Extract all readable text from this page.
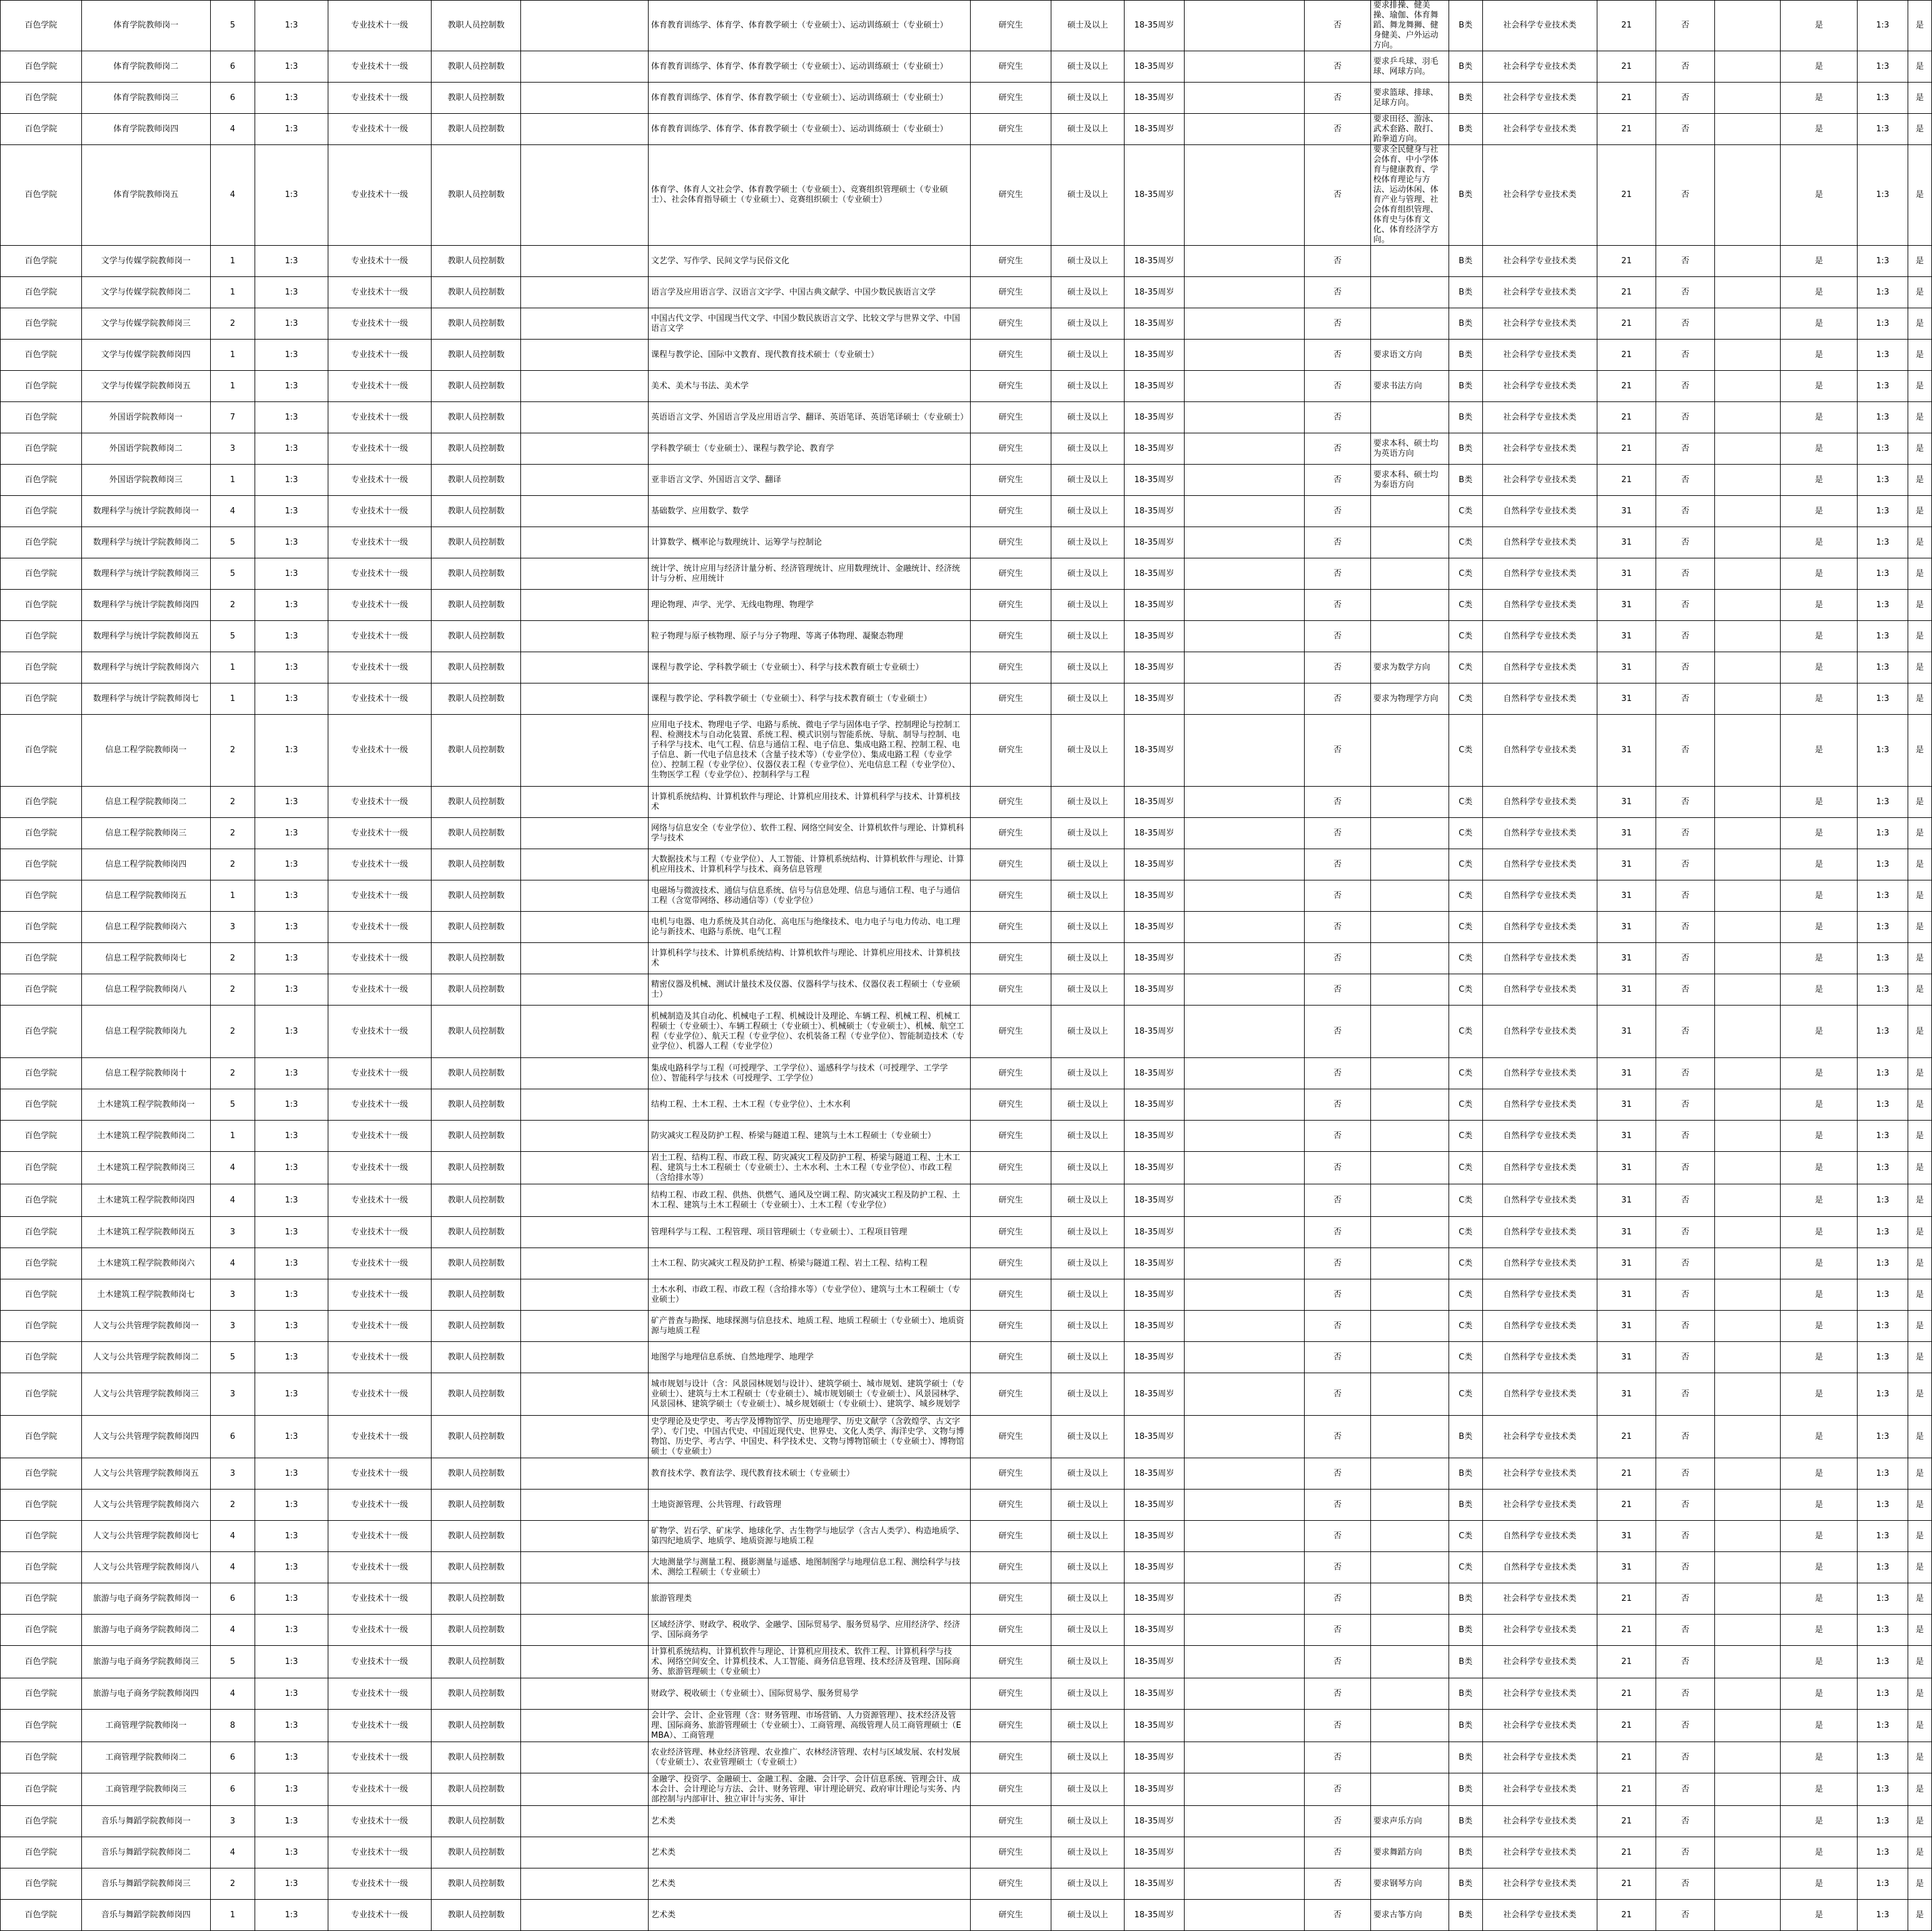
百色学院	体育学院教师岗一	5	1:3	专业技术十一级	教职人员控制数		体育教育训练学、体育学、体育教学硕士（专业硕士）、运动训练硕士（专业硕士）	研究生	硕士及以上	18-35周岁		否	要求排操、健美操、瑜伽、体育舞蹈、舞龙舞狮、健身健美、户外运动方向。	B类	社会科学专业技术类	21	否		是	1:3	是
百色学院	体育学院教师岗二	6	1:3	专业技术十一级	教职人员控制数		体育教育训练学、体育学、体育教学硕士（专业硕士）、运动训练硕士（专业硕士）	研究生	硕士及以上	18-35周岁		否	要求乒乓球、羽毛球、网球方向。	B类	社会科学专业技术类	21	否		是	1:3	是
百色学院	体育学院教师岗三	6	1:3	专业技术十一级	教职人员控制数		体育教育训练学、体育学、体育教学硕士（专业硕士）、运动训练硕士（专业硕士）	研究生	硕士及以上	18-35周岁		否	要求篮球、排球、足球方向。	B类	社会科学专业技术类	21	否		是	1:3	是
百色学院	体育学院教师岗四	4	1:3	专业技术十一级	教职人员控制数		体育教育训练学、体育学、体育教学硕士（专业硕士）、运动训练硕士（专业硕士）	研究生	硕士及以上	18-35周岁		否	要求田径、游泳、武术套路、散打、跆拳道方向。	B类	社会科学专业技术类	21	否		是	1:3	是
百色学院	体育学院教师岗五	4	1:3	专业技术十一级	教职人员控制数		体育学、体育人文社会学、体育教学硕士（专业硕士）、竞赛组织管理硕士（专业硕士）、社会体育指导硕士（专业硕士）、竞赛组织硕士（专业硕士）	研究生	硕士及以上	18-35周岁		否	要求全民健身与社会体育、中小学体育与健康教育、学校体育理论与方法、运动休闲、体育产业与管理、社会体育组织管理、体育史与体育文化、体育经济学方向。	B类	社会科学专业技术类	21	否		是	1:3	是
百色学院	文学与传媒学院教师岗一	1	1:3	专业技术十一级	教职人员控制数		文艺学、写作学、民间文学与民俗文化	研究生	硕士及以上	18-35周岁		否		B类	社会科学专业技术类	21	否		是	1:3	是
百色学院	文学与传媒学院教师岗二	1	1:3	专业技术十一级	教职人员控制数		语言学及应用语言学、汉语言文字学、中国古典文献学、中国少数民族语言文学	研究生	硕士及以上	18-35周岁		否		B类	社会科学专业技术类	21	否		是	1:3	是
百色学院	文学与传媒学院教师岗三	2	1:3	专业技术十一级	教职人员控制数		中国古代文学、中国现当代文学、中国少数民族语言文学、比较文学与世界文学、中国语言文学	研究生	硕士及以上	18-35周岁		否		B类	社会科学专业技术类	21	否		是	1:3	是
百色学院	文学与传媒学院教师岗四	1	1:3	专业技术十一级	教职人员控制数		课程与教学论、国际中文教育、现代教育技术硕士（专业硕士）	研究生	硕士及以上	18-35周岁		否	要求语文方向	B类	社会科学专业技术类	21	否		是	1:3	是
百色学院	文学与传媒学院教师岗五	1	1:3	专业技术十一级	教职人员控制数		美术、美术与书法、美术学	研究生	硕士及以上	18-35周岁		否	要求书法方向	B类	社会科学专业技术类	21	否		是	1:3	是
百色学院	外国语学院教师岗一	7	1:3	专业技术十一级	教职人员控制数		英语语言文学、外国语言学及应用语言学、翻译、英语笔译、英语笔译硕士（专业硕士）	研究生	硕士及以上	18-35周岁		否		B类	社会科学专业技术类	21	否		是	1:3	是
百色学院	外国语学院教师岗二	3	1:3	专业技术十一级	教职人员控制数		学科教学硕士（专业硕士）、课程与教学论、教育学	研究生	硕士及以上	18-35周岁		否	要求本科、硕士均为英语方向	B类	社会科学专业技术类	21	否		是	1:3	是
百色学院	外国语学院教师岗三	1	1:3	专业技术十一级	教职人员控制数		亚非语言文学、外国语言文学、翻译	研究生	硕士及以上	18-35周岁		否	要求本科、硕士均为泰语方向	B类	社会科学专业技术类	21	否		是	1:3	是
百色学院	数理科学与统计学院教师岗一	4	1:3	专业技术十一级	教职人员控制数		基础数学、应用数学、数学	研究生	硕士及以上	18-35周岁		否		C类	自然科学专业技术类	31	否		是	1:3	是
百色学院	数理科学与统计学院教师岗二	5	1:3	专业技术十一级	教职人员控制数		计算数学、概率论与数理统计、运筹学与控制论	研究生	硕士及以上	18-35周岁		否		C类	自然科学专业技术类	31	否		是	1:3	是
百色学院	数理科学与统计学院教师岗三	5	1:3	专业技术十一级	教职人员控制数		统计学、统计应用与经济计量分析、经济管理统计、应用数理统计、金融统计、经济统计与分析、应用统计	研究生	硕士及以上	18-35周岁		否		C类	自然科学专业技术类	31	否		是	1:3	是
百色学院	数理科学与统计学院教师岗四	2	1:3	专业技术十一级	教职人员控制数		理论物理、声学、光学、无线电物理、物理学	研究生	硕士及以上	18-35周岁		否		C类	自然科学专业技术类	31	否		是	1:3	是
百色学院	数理科学与统计学院教师岗五	5	1:3	专业技术十一级	教职人员控制数		粒子物理与原子核物理、原子与分子物理、等离子体物理、凝聚态物理	研究生	硕士及以上	18-35周岁		否		C类	自然科学专业技术类	31	否		是	1:3	是
百色学院	数理科学与统计学院教师岗六	1	1:3	专业技术十一级	教职人员控制数		课程与教学论、学科教学硕士（专业硕士）、科学与技术教育硕士专业硕士）	研究生	硕士及以上	18-35周岁		否	要求为数学方向	C类	自然科学专业技术类	31	否		是	1:3	是
百色学院	数理科学与统计学院教师岗七	1	1:3	专业技术十一级	教职人员控制数		课程与教学论、学科教学硕士（专业硕士）、科学与技术教育硕士（专业硕士）	研究生	硕士及以上	18-35周岁		否	要求为物理学方向	C类	自然科学专业技术类	31	否		是	1:3	是
百色学院	信息工程学院教师岗一	2	1:3	专业技术十一级	教职人员控制数		应用电子技术、物理电子学、电路与系统、微电子学与固体电子学、控制理论与控制工程、检测技术与自动化装置、系统工程、模式识别与智能系统、导航、制导与控制、电子科学与技术、电气工程、信息与通信工程、电子信息、集成电路工程、控制工程、电子信息、新一代电子信息技术（含量子技术等）（专业学位）、集成电路工程（专业学位）、控制工程（专业学位）、仪器仪表工程（专业学位）、光电信息工程（专业学位）、生物医学工程（专业学位）、控制科学与工程	研究生	硕士及以上	18-35周岁		否		C类	自然科学专业技术类	31	否		是	1:3	是
百色学院	信息工程学院教师岗二	2	1:3	专业技术十一级	教职人员控制数		计算机系统结构、计算机软件与理论、计算机应用技术、计算机科学与技术、计算机技术	研究生	硕士及以上	18-35周岁		否		C类	自然科学专业技术类	31	否		是	1:3	是
百色学院	信息工程学院教师岗三	2	1:3	专业技术十一级	教职人员控制数		网络与信息安全（专业学位）、软件工程、网络空间安全、计算机软件与理论、计算机科学与技术	研究生	硕士及以上	18-35周岁		否		C类	自然科学专业技术类	31	否		是	1:3	是
百色学院	信息工程学院教师岗四	2	1:3	专业技术十一级	教职人员控制数		大数据技术与工程（专业学位）、人工智能、计算机系统结构、计算机软件与理论、计算机应用技术、计算机科学与技术、商务信息管理	研究生	硕士及以上	18-35周岁		否		C类	自然科学专业技术类	31	否		是	1:3	是
百色学院	信息工程学院教师岗五	1	1:3	专业技术十一级	教职人员控制数		电磁场与微波技术、通信与信息系统、信号与信息处理、信息与通信工程、电子与通信工程（含宽带网络、移动通信等）（专业学位）	研究生	硕士及以上	18-35周岁		否		C类	自然科学专业技术类	31	否		是	1:3	是
百色学院	信息工程学院教师岗六	3	1:3	专业技术十一级	教职人员控制数		电机与电器、电力系统及其自动化、高电压与绝缘技术、电力电子与电力传动、电工理论与新技术、电路与系统、电气工程	研究生	硕士及以上	18-35周岁		否		C类	自然科学专业技术类	31	否		是	1:3	是
百色学院	信息工程学院教师岗七	2	1:3	专业技术十一级	教职人员控制数		计算机科学与技术、计算机系统结构、计算机软件与理论、计算机应用技术、计算机技术	研究生	硕士及以上	18-35周岁		否		C类	自然科学专业技术类	31	否		是	1:3	是
百色学院	信息工程学院教师岗八	2	1:3	专业技术十一级	教职人员控制数		精密仪器及机械、测试计量技术及仪器、仪器科学与技术、仪器仪表工程硕士（专业硕士）	研究生	硕士及以上	18-35周岁		否		C类	自然科学专业技术类	31	否		是	1:3	是
百色学院	信息工程学院教师岗九	2	1:3	专业技术十一级	教职人员控制数		机械制造及其自动化、机械电子工程、机械设计及理论、车辆工程、机械工程、机械工程硕士（专业硕士）、车辆工程硕士（专业硕士）、机械硕士（专业硕士）、机械、航空工程（专业学位）、航天工程（专业学位）、农机装备工程（专业学位）、智能制造技术（专业学位）、机器人工程（专业学位）	研究生	硕士及以上	18-35周岁		否		C类	自然科学专业技术类	31	否		是	1:3	是
百色学院	信息工程学院教师岗十	2	1:3	专业技术十一级	教职人员控制数		集成电路科学与工程（可授理学、工学学位）、遥感科学与技术（可授理学、工学学位）、智能科学与技术（可授理学、工学学位）	研究生	硕士及以上	18-35周岁		否		C类	自然科学专业技术类	31	否		是	1:3	是
百色学院	土木建筑工程学院教师岗一	5	1:3	专业技术十一级	教职人员控制数		结构工程、土木工程、土木工程（专业学位）、土木水利	研究生	硕士及以上	18-35周岁		否		C类	自然科学专业技术类	31	否		是	1:3	是
百色学院	土木建筑工程学院教师岗二	1	1:3	专业技术十一级	教职人员控制数		防灾减灾工程及防护工程、桥梁与隧道工程、建筑与土木工程硕士（专业硕士）	研究生	硕士及以上	18-35周岁		否		C类	自然科学专业技术类	31	否		是	1:3	是
百色学院	土木建筑工程学院教师岗三	4	1:3	专业技术十一级	教职人员控制数		岩土工程、结构工程、市政工程、防灾减灾工程及防护工程、桥梁与隧道工程、土木工程、建筑与土木工程硕士（专业硕士）、土木水利、土木工程（专业学位）、市政工程（含给排水等）	研究生	硕士及以上	18-35周岁		否		C类	自然科学专业技术类	31	否		是	1:3	是
百色学院	土木建筑工程学院教师岗四	4	1:3	专业技术十一级	教职人员控制数		结构工程、市政工程、供热、供燃气、通风及空调工程、防灾减灾工程及防护工程、土木工程、建筑与土木工程硕士（专业硕士）、土木工程（专业学位）	研究生	硕士及以上	18-35周岁		否		C类	自然科学专业技术类	31	否		是	1:3	是
百色学院	土木建筑工程学院教师岗五	3	1:3	专业技术十一级	教职人员控制数		管理科学与工程、工程管理、项目管理硕士（专业硕士）、工程项目管理	研究生	硕士及以上	18-35周岁		否		C类	自然科学专业技术类	31	否		是	1:3	是
百色学院	土木建筑工程学院教师岗六	4	1:3	专业技术十一级	教职人员控制数		土木工程、防灾减灾工程及防护工程、桥梁与隧道工程、岩土工程、结构工程	研究生	硕士及以上	18-35周岁		否		C类	自然科学专业技术类	31	否		是	1:3	是
百色学院	土木建筑工程学院教师岗七	3	1:3	专业技术十一级	教职人员控制数		土木水利、市政工程、市政工程（含给排水等）（专业学位）、建筑与土木工程硕士（专业硕士）	研究生	硕士及以上	18-35周岁		否		C类	自然科学专业技术类	31	否		是	1:3	是
百色学院	人文与公共管理学院教师岗一	3	1:3	专业技术十一级	教职人员控制数		矿产普查与勘探、地球探测与信息技术、地质工程、地质工程硕士（专业硕士）、地质资源与地质工程	研究生	硕士及以上	18-35周岁		否		C类	自然科学专业技术类	31	否		是	1:3	是
百色学院	人文与公共管理学院教师岗二	5	1:3	专业技术十一级	教职人员控制数		地图学与地理信息系统、自然地理学、地理学	研究生	硕士及以上	18-35周岁		否		C类	自然科学专业技术类	31	否		是	1:3	是
百色学院	人文与公共管理学院教师岗三	3	1:3	专业技术十一级	教职人员控制数		城市规划与设计（含：风景园林规划与设计）、建筑学硕士、城市规划、建筑学硕士（专业硕士）、建筑与土木工程硕士（专业硕士）、城市规划硕士（专业硕士）、风景园林学、风景园林、建筑学硕士（专业硕士）、城乡规划硕士（专业硕士）、建筑学、城乡规划学	研究生	硕士及以上	18-35周岁		否		C类	自然科学专业技术类	31	否		是	1:3	是
百色学院	人文与公共管理学院教师岗四	6	1:3	专业技术十一级	教职人员控制数		史学理论及史学史、考古学及博物馆学、历史地理学、历史文献学（含敦煌学、古文字学）、专门史、中国古代史、中国近现代史、世界史、文化人类学、海洋史学、文物与博物馆、历史学、考古学、中国史、科学技术史、文物与博物馆硕士（专业硕士）、博物馆硕士（专业硕士）	研究生	硕士及以上	18-35周岁		否		B类	社会科学专业技术类	21	否		是	1:3	是
百色学院	人文与公共管理学院教师岗五	3	1:3	专业技术十一级	教职人员控制数		教育技术学、教育法学、现代教育技术硕士（专业硕士）	研究生	硕士及以上	18-35周岁		否		B类	社会科学专业技术类	21	否		是	1:3	是
百色学院	人文与公共管理学院教师岗六	2	1:3	专业技术十一级	教职人员控制数		土地资源管理、公共管理、行政管理	研究生	硕士及以上	18-35周岁		否		B类	社会科学专业技术类	21	否		是	1:3	是
百色学院	人文与公共管理学院教师岗七	4	1:3	专业技术十一级	教职人员控制数		矿物学、岩石学、矿床学、地球化学、古生物学与地层学（含古人类学）、构造地质学、第四纪地质学、地质学、地质资源与地质工程	研究生	硕士及以上	18-35周岁		否		C类	自然科学专业技术类	31	否		是	1:3	是
百色学院	人文与公共管理学院教师岗八	4	1:3	专业技术十一级	教职人员控制数		大地测量学与测量工程、摄影测量与遥感、地图制图学与地理信息工程、测绘科学与技术、测绘工程硕士（专业硕士）	研究生	硕士及以上	18-35周岁		否		C类	自然科学专业技术类	31	否		是	1:3	是
百色学院	旅游与电子商务学院教师岗一	6	1:3	专业技术十一级	教职人员控制数		旅游管理类	研究生	硕士及以上	18-35周岁		否		B类	社会科学专业技术类	21	否		是	1:3	是
百色学院	旅游与电子商务学院教师岗二	4	1:3	专业技术十一级	教职人员控制数		区域经济学、财政学、税收学、金融学、国际贸易学、服务贸易学、应用经济学、经济学、国际商务学	研究生	硕士及以上	18-35周岁		否		B类	社会科学专业技术类	21	否		是	1:3	是
百色学院	旅游与电子商务学院教师岗三	5	1:3	专业技术十一级	教职人员控制数		计算机系统结构、计算机软件与理论、计算机应用技术、软件工程、计算机科学与技术、网络空间安全、计算机技术、人工智能、商务信息管理、技术经济及管理、国际商务、旅游管理硕士（专业硕士）	研究生	硕士及以上	18-35周岁		否		B类	社会科学专业技术类	21	否		是	1:3	是
百色学院	旅游与电子商务学院教师岗四	4	1:3	专业技术十一级	教职人员控制数		财政学、税收硕士（专业硕士）、国际贸易学、服务贸易学	研究生	硕士及以上	18-35周岁		否		B类	社会科学专业技术类	21	否		是	1:3	是
百色学院	工商管理学院教师岗一	8	1:3	专业技术十一级	教职人员控制数		会计学、会计、企业管理（含：财务管理、市场营销、人力资源管理）、技术经济及管理、国际商务、旅游管理硕士（专业硕士）、工商管理、高级管理人员工商管理硕士（EMBA）、工商管理	研究生	硕士及以上	18-35周岁		否		B类	社会科学专业技术类	21	否		是	1:3	是
百色学院	工商管理学院教师岗二	6	1:3	专业技术十一级	教职人员控制数		农业经济管理、林业经济管理、农业推广、农林经济管理、农村与区域发展、农村发展（专业硕士）、农业管理硕士（专业硕士）	研究生	硕士及以上	18-35周岁		否		B类	社会科学专业技术类	21	否		是	1:3	是
百色学院	工商管理学院教师岗三	6	1:3	专业技术十一级	教职人员控制数		金融学、投资学、金融硕士、金融工程、金融、会计学、会计信息系统、管理会计、成本会计、会计理论与方法、会计、财务管理、审计理论研究、政府审计理论与实务、内部控制与内部审计、独立审计与实务、审计	研究生	硕士及以上	18-35周岁		否		B类	社会科学专业技术类	21	否		是	1:3	是
百色学院	音乐与舞蹈学院教师岗一	3	1:3	专业技术十一级	教职人员控制数		艺术类	研究生	硕士及以上	18-35周岁		否	要求声乐方向	B类	社会科学专业技术类	21	否		是	1:3	是
百色学院	音乐与舞蹈学院教师岗二	4	1:3	专业技术十一级	教职人员控制数		艺术类	研究生	硕士及以上	18-35周岁		否	要求舞蹈方向	B类	社会科学专业技术类	21	否		是	1:3	是
百色学院	音乐与舞蹈学院教师岗三	2	1:3	专业技术十一级	教职人员控制数		艺术类	研究生	硕士及以上	18-35周岁		否	要求钢琴方向	B类	社会科学专业技术类	21	否		是	1:3	是
百色学院	音乐与舞蹈学院教师岗四	1	1:3	专业技术十一级	教职人员控制数		艺术类	研究生	硕士及以上	18-35周岁		否	要求古筝方向	B类	社会科学专业技术类	21	否		是	1:3	是
